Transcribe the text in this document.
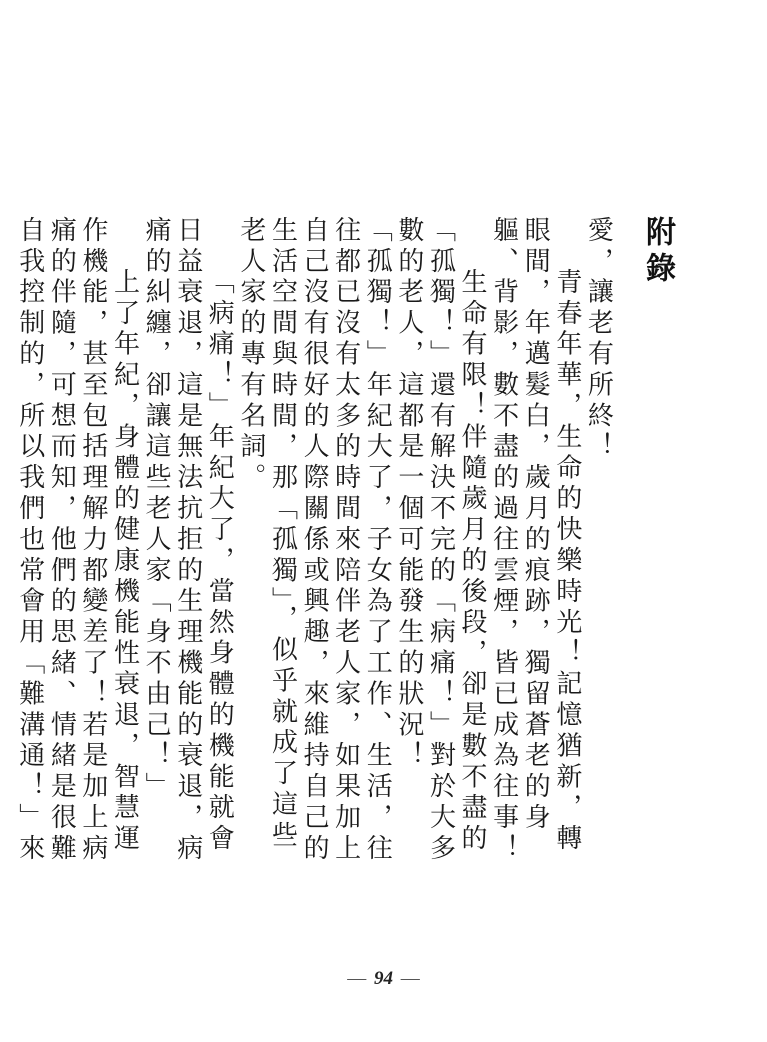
附錄

愛，讓老有所終！

青春年華，生命的快樂時光！記憶猶新，轉眼間，年邁髮白，歲月的痕跡，獨留蒼老的身軀、背影，數不盡的過往雲煙，皆已成為往事！

生命有限！伴隨歲月的後段，卻是數不盡的「孤獨！」還有解決不完的「病痛！」對於大多數的老人，這都是一個可能發生的狀況！

「孤獨！」年紀大了，子女為了工作、生活，往往都已沒有太多的時間來陪伴老人家，如果加上自己沒有很好的人際關係或興趣，來維持自己的生活空間與時間，那「孤獨」，似乎就成了這些老人家的專有名詞。

「病痛！」年紀大了，當然身體的機能就會日益衰退，這是無法抗拒的生理機能的衰退，病痛的糾纏，卻讓這些老人家「身不由己！」

上了年紀，身體的健康機能性衰退，智慧運作機能，甚至包括理解力都變差了！若是加上病痛的伴隨，可想而知，他們的思緒、情緒是很難自我控制的，所以我們也常會用「難溝通！」來

— 94 —
